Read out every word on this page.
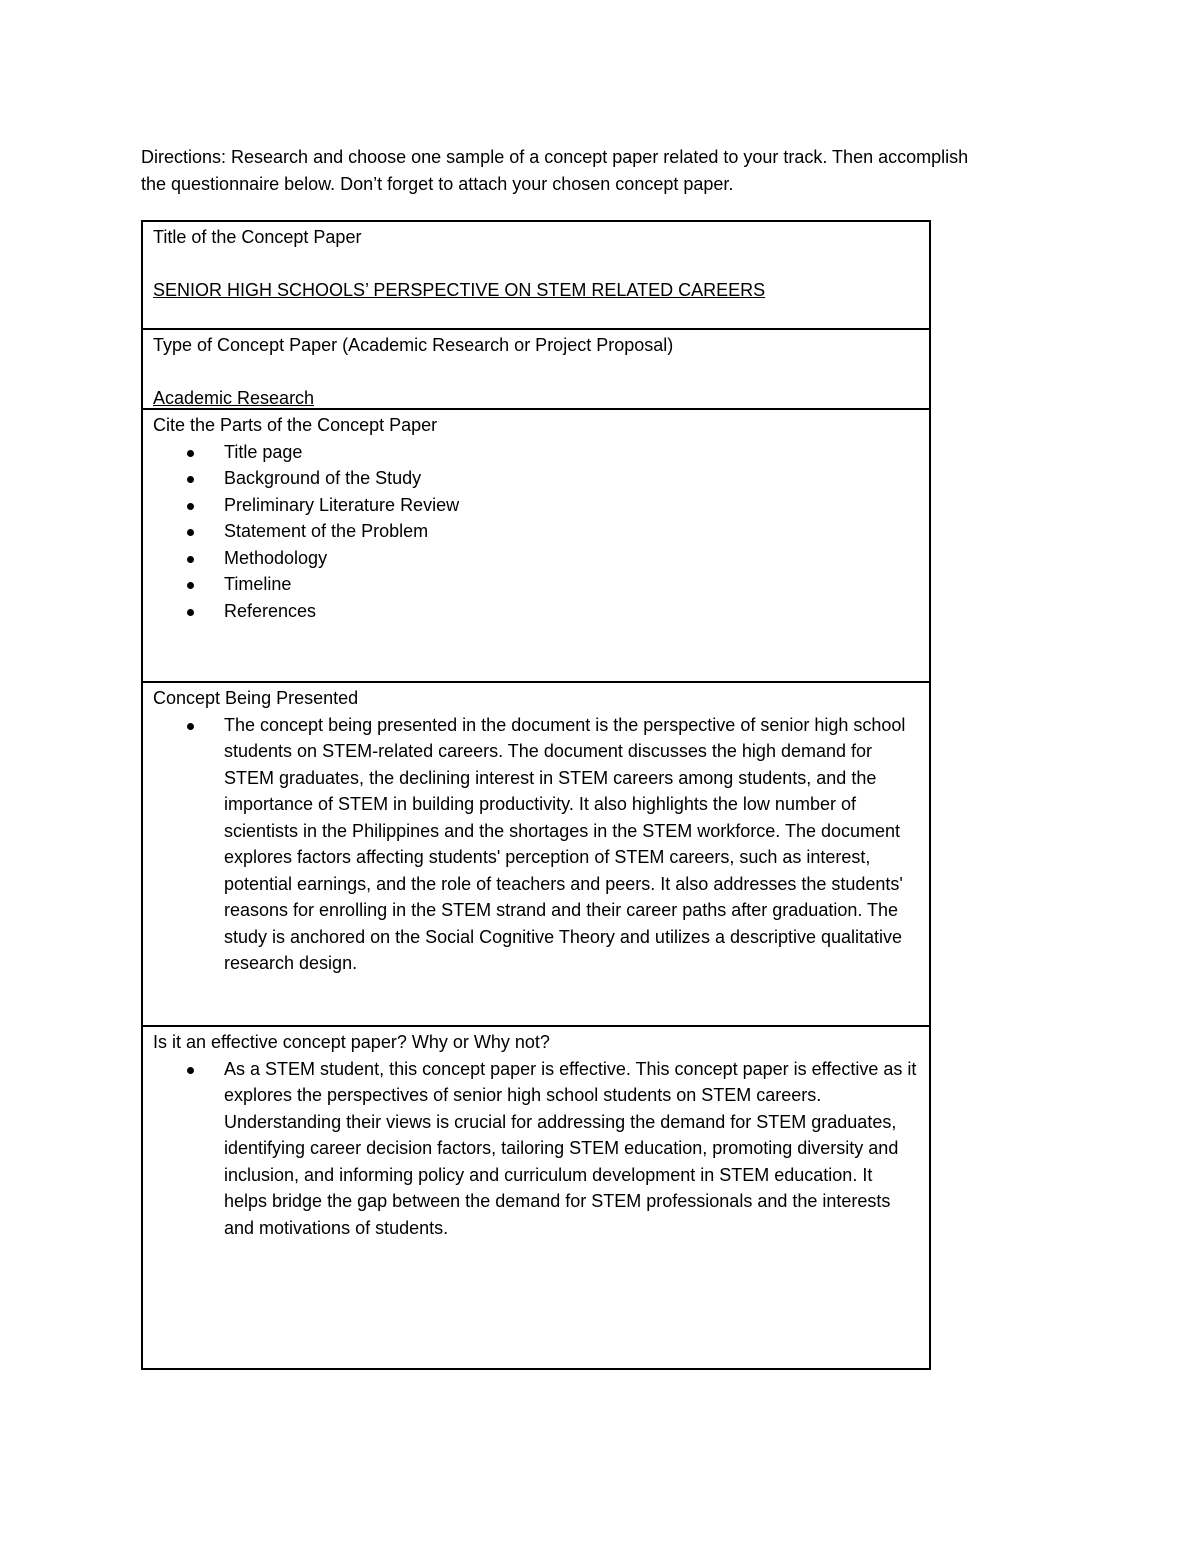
Directions: Research and choose one sample of a concept paper related to your track. Then accomplish the questionnaire below. Don’t forget to attach your chosen concept paper.
Title of the Concept Paper
SENIOR HIGH SCHOOLS’ PERSPECTIVE ON STEM RELATED CAREERS
Type of Concept Paper (Academic Research or Project Proposal)
Academic Research
Cite the Parts of the Concept Paper
Title page
Background of the Study
Preliminary Literature Review
Statement of the Problem
Methodology
Timeline
References
Concept Being Presented
The concept being presented in the document is the perspective of senior high school students on STEM-related careers. The document discusses the high demand for STEM graduates, the declining interest in STEM careers among students, and the importance of STEM in building productivity. It also highlights the low number of scientists in the Philippines and the shortages in the STEM workforce. The document explores factors affecting students' perception of STEM careers, such as interest, potential earnings, and the role of teachers and peers. It also addresses the students' reasons for enrolling in the STEM strand and their career paths after graduation. The study is anchored on the Social Cognitive Theory and utilizes a descriptive qualitative research design.
Is it an effective concept paper? Why or Why not?
As a STEM student, this concept paper is effective. This concept paper is effective as it explores the perspectives of senior high school students on STEM careers. Understanding their views is crucial for addressing the demand for STEM graduates, identifying career decision factors, tailoring STEM education, promoting diversity and inclusion, and informing policy and curriculum development in STEM education. It helps bridge the gap between the demand for STEM professionals and the interests and motivations of students.
